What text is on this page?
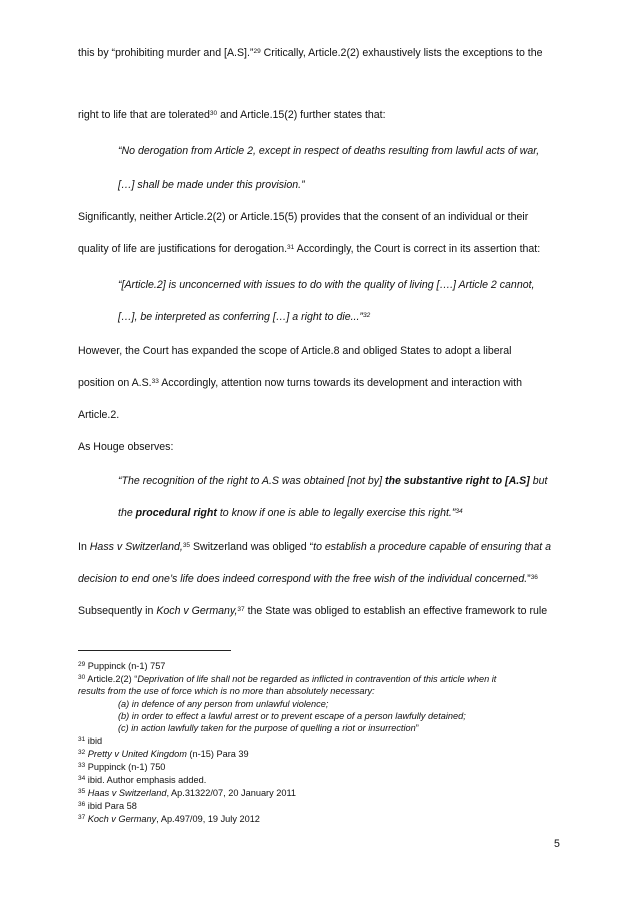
this by “prohibiting murder and [A.S].”$^{29}$ Critically, Article.2(2) exhaustively lists the exceptions to the
right to life that are tolerated$^{30}$ and Article.15(2) further states that:
“No derogation from Article 2, except in respect of deaths resulting from lawful acts of war,
[…] shall be made under this provision.”
Significantly, neither Article.2(2) or Article.15(5) provides that the consent of an individual or their
quality of life are justifications for derogation.$^{31}$ Accordingly, the Court is correct in its assertion that:
“[Article.2] is unconcerned with issues to do with the quality of living [….] Article 2 cannot,
[…], be interpreted as conferring […] a right to die...”$^{32}$
However, the Court has expanded the scope of Article.8 and obliged States to adopt a liberal
position on A.S.$^{33}$ Accordingly, attention now turns towards its development and interaction with
Article.2.
As Houge observes:
“The recognition of the right to A.S was obtained [not by] the substantive right to [A.S] but
the procedural right to know if one is able to legally exercise this right.”$^{34}$
In Hass v Switzerland,$^{35}$ Switzerland was obliged “to establish a procedure capable of ensuring that a
decision to end one’s life does indeed correspond with the free wish of the individual concerned.”$^{36}$
Subsequently in Koch v Germany,$^{37}$ the State was obliged to establish an effective framework to rule
$^{29}$ Puppinck (n-1) 757
$^{30}$ Article.2(2) “Deprivation of life shall not be regarded as inflicted in contravention of this article when it
results from the use of force which is no more than absolutely necessary:
(a) in defence of any person from unlawful violence;
(b) in order to effect a lawful arrest or to prevent escape of a person lawfully detained;
(c) in action lawfully taken for the purpose of quelling a riot or insurrection”
$^{31}$ ibid
$^{32}$ Pretty v United Kingdom (n-15) Para 39
$^{33}$ Puppinck (n-1) 750
$^{34}$ ibid. Author emphasis added.
$^{35}$ Haas v Switzerland, Ap.31322/07, 20 January 2011
$^{36}$ ibid Para 58
$^{37}$ Koch v Germany, Ap.497/09, 19 July 2012
5
